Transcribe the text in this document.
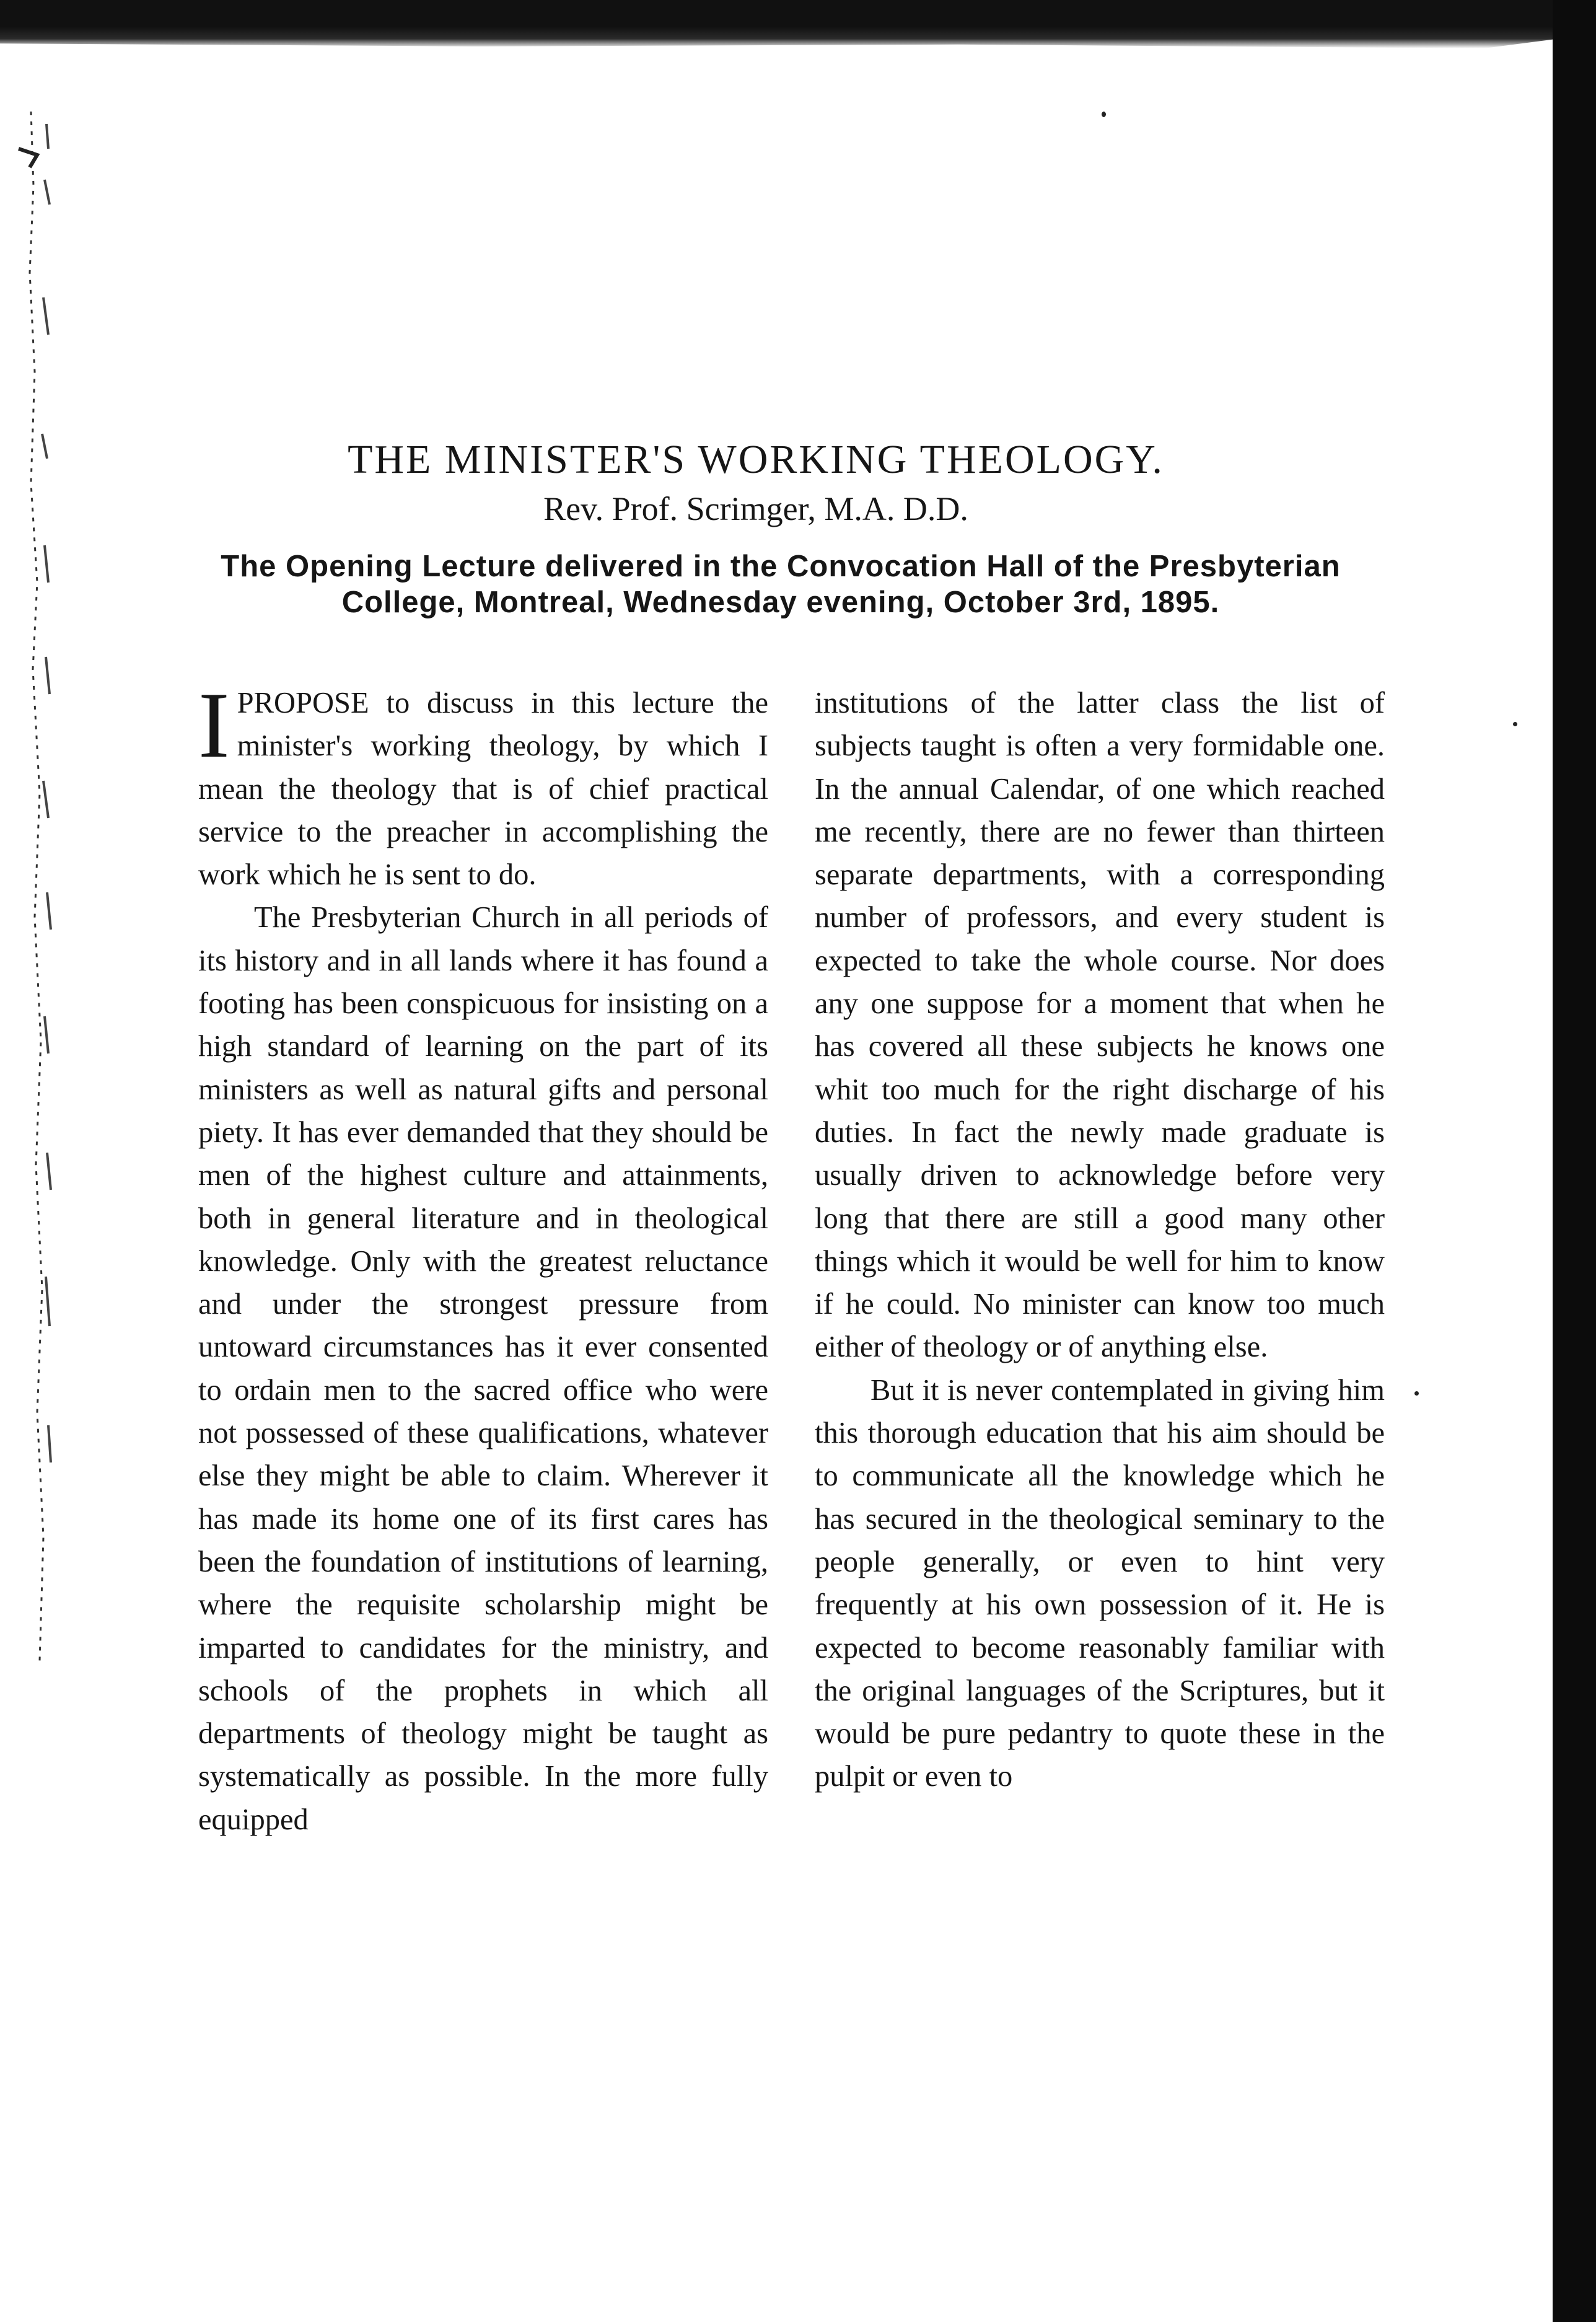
THE MINISTER'S WORKING THEOLOGY.
Rev. Prof. Scrimger, M.A. D.D.
The Opening Lecture delivered in the Convocation Hall of the Presbyterian College, Montreal, Wednesday evening, October 3rd, 1895.

I PROPOSE to discuss in this lecture the minister's working theology, by which I mean the theology that is of chief practical service to the preacher in accomplishing the work which he is sent to do.

The Presbyterian Church in all periods of its history and in all lands where it has found a footing has been conspicuous for insisting on a high standard of learning on the part of its ministers as well as natural gifts and personal piety. It has ever demanded that they should be men of the highest culture and attainments, both in general literature and in theological knowledge. Only with the greatest reluctance and under the strongest pressure from untoward circumstances has it ever consented to ordain men to the sacred office who were not possessed of these qualifications, whatever else they might be able to claim. Wherever it has made its home one of its first cares has been the foundation of institutions of learning, where the requisite scholarship might be imparted to candidates for the ministry, and schools of the prophets in which all departments of theology might be taught as systematically as possible. In the more fully equipped

institutions of the latter class the list of subjects taught is often a very formidable one. In the annual Calendar, of one which reached me recently, there are no fewer than thirteen separate departments, with a corresponding number of professors, and every student is expected to take the whole course. Nor does any one suppose for a moment that when he has covered all these subjects he knows one whit too much for the right discharge of his duties. In fact the newly made graduate is usually driven to acknowledge before very long that there are still a good many other things which it would be well for him to know if he could. No minister can know too much either of theology or of anything else.

But it is never contemplated in giving him this thorough education that his aim should be to communicate all the knowledge which he has secured in the theological seminary to the people generally, or even to hint very frequently at his own possession of it. He is expected to become reasonably familiar with the original languages of the Scriptures, but it would be pure pedantry to quote these in the pulpit or even to
